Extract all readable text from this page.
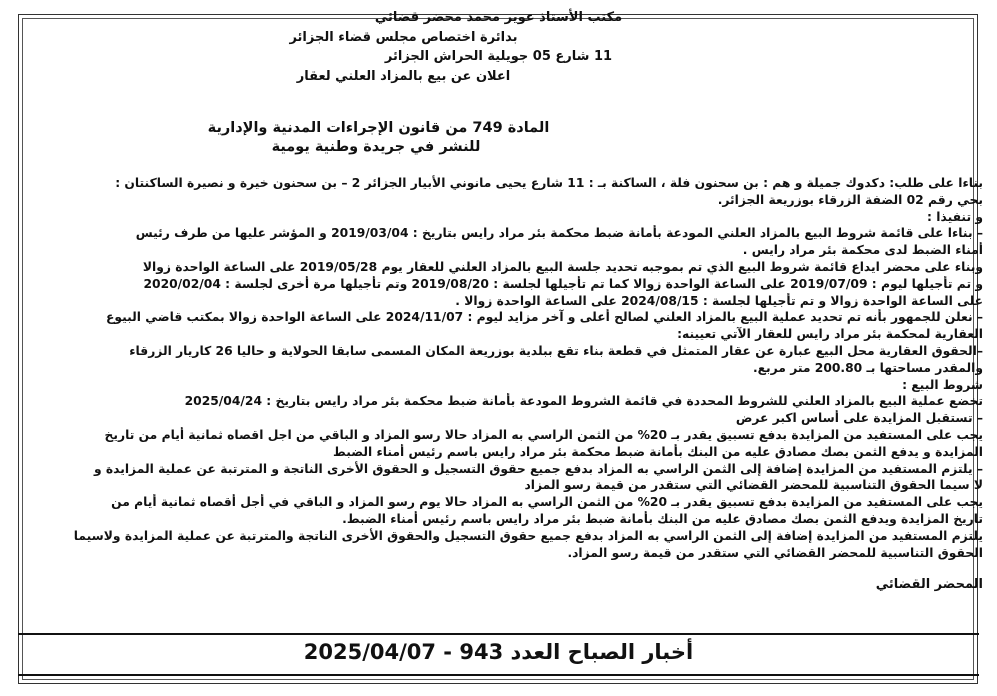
مكتب الأستاذ عوير محمد محضر قضائي
بدائرة اختصاص مجلس قضاء الجزائر
11 شارع 05 جويلية الحراش الجزائر
اعلان عن بيع بالمزاد العلني لعقار
المادة 749 من قانون الإجراءات المدنية والإدارية
للنشر في جريدة وطنية يومية
بناءا على طلب: دكدوك جميلة و هم : بن سحنون فلة ، الساكنة بـ : 11 شارع يحيى مانوني الأبيار الجزائر 2 – بن سحنون خيرة و نصيرة الساكنتان :
بحي رقم 02 الضفة الزرقاء بوزريعة الجزائر.
و تنفيذا :
– بناءا على قائمة شروط البيع بالمزاد العلني المودعة بأمانة ضبط محكمة بئر مراد رايس بتاريخ : 2019/03/04 و المؤشر عليها من طرف رئيس
أمناء الضبط لدى محكمة بئر مراد رايس .
وبناء على محضر ايداع قائمة شروط البيع الذي تم بموجبه تحديد جلسة البيع بالمزاد العلني للعقار يوم 2019/05/28 على الساعة الواحدة زوالا
و تم تأجيلها ليوم : 2019/07/09 على الساعة الواحدة زوالا كما تم تأجيلها لجلسة : 2019/08/20 وتم تأجيلها مرة أخرى لجلسة : 2020/02/04
على الساعة الواحدة زوالا و تم تأجيلها لجلسة : 2024/08/15 على الساعة الواحدة زوالا .
– نعلن للجمهور بأنه تم تحديد عملية البيع بالمزاد العلني لصالح أعلى و آخر مزايد ليوم : 2024/11/07 على الساعة الواحدة زوالا بمكتب قاضي البيوع
العقارية لمحكمة بئر مراد رايس للعقار الآتي تعيينه:
–الحقوق العقارية محل البيع عبارة عن عقار المتمثل في قطعة بناء تقع ببلدية بوزريعة المكان المسمى سابقا الحولاية و حاليا 26 كاريار الزرقاء
والمقدر مساحتها بـ 200.80 متر مربع.
شروط البيع :
تخضع عملية البيع بالمزاد العلني للشروط المحددة في قائمة الشروط المودعة بأمانة ضبط محكمة بئر مراد رايس بتاريخ : 2025/04/24
– تستقبل المزايدة على أساس اكبر عرض
يجب على المستفيد من المزايدة بدفع تسبيق يقدر بـ 20% من الثمن الراسي به المزاد حالا رسو المزاد و الباقي من اجل اقصاه ثمانية أيام من تاريخ
المزايدة و يدفع الثمن بصك مصادق عليه من البنك بأمانة ضبط محكمة بئر مراد رايس باسم رئيس أمناء الضبط
– يلتزم المستفيد من المزايدة إضافة إلى الثمن الراسي به المزاد بدفع جميع حقوق التسجيل و الحقوق الأخرى الناتجة و المترتبة عن عملية المزايدة و
لا سيما الحقوق التناسبية للمحضر القضائي التي ستقدر من قيمة رسو المزاد
يجب على المستفيد من المزايدة بدفع تسبيق يقدر بـ 20% من الثمن الراسي به المزاد حالا يوم رسو المزاد و الباقي في أجل أقصاه ثمانية أيام من
تاريخ المزايدة ويدفع الثمن بصك مصادق عليه من البنك بأمانة ضبط بئر مراد رايس باسم رئيس أمناء الضبط.
يلتزم المستفيد من المزايدة إضافة إلى الثمن الراسي به المزاد بدفع جميع حقوق التسجيل والحقوق الأخرى الناتجة والمترتبة عن عملية المزايدة ولاسيما
الحقوق التناسبية للمحضر القضائي التي ستقدر من قيمة رسو المزاد.
المحضر القضائي
أخبار الصباح العدد 943 - 2025/04/07
